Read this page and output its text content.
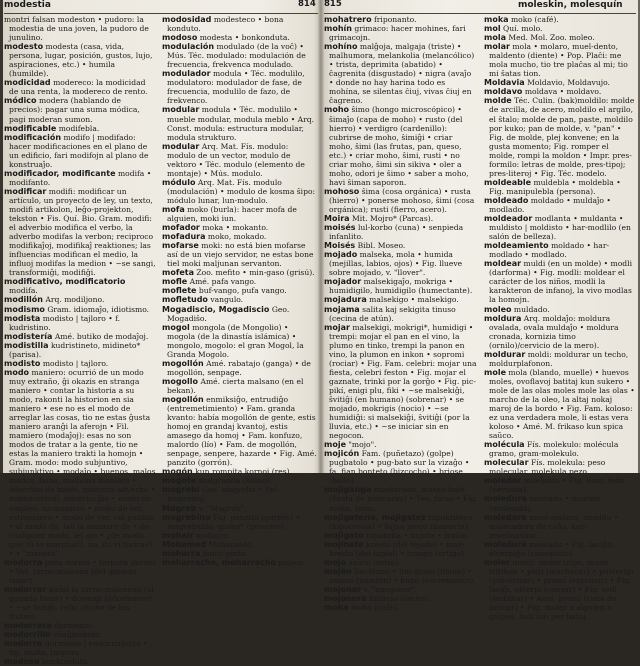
modestia	814

montri falsan modeston • pudoro: la modestia de una joven, la pudoro de junulino.

modesto modesta (casa, vida, persona, lugar, posición, gustos, lujo, aspiraciones, etc.) • humila (humilde).

modicidad modereco: la modicidad de una renta, la modereco de rento.

módico modera (hablando de precios): pagar una suma módica, pagi moderan sumon.

modificable modifebla.

modificación modifo | modifado: hacer modificaciones en el plano de un edificio, fari modifojn al plano de konstruaĵo.

modificador, modificante modifa • modifanto.

modificar modifi: modificar un artículo, un proyecto de ley, un texto, modifi artikolon, leĝo-projekton, tekston • Fis. Quí. Bio. Gram. modifi: el adverbio modifica el verbo, la adverbo modifas la verbon; reciproco modifikaĵoj, modifikaĵ reaktiones; las influencias modifican el medio, la influoj modifas la medion • ~se sangi, transformiĝi, modifiĝi.

modificativo, modificatorio modifa.

modillón Arq. modiljono.

modismo Gram. idiomaĵo, idiotismo.

modista modisto | tajloro • f. kudristino.

modistería Amé. butiko de modaĵoj.

modistilla kudristineto, midineto* (parisa).

modisto modisto | tajloro.

modo maniero: ocurrió de un modo muy extraño, ĝi okazis en stranga maniero • contar la historia a su modo, rakonti la historion en sia maniero • ese no es el modo de arreglar las cosas, tio ne estas ĝusta maniero aranĝi la aferojn • Fil. mamiero (modaĵoj): esas no son modos de tratar a la gente, tio ne estas la maniero trakti la homojn • Gram. modo: modo subjuntivo, subjunktivo • modaĵo • buenos, malos modos, bona, malbona maniero • adverbio de modo, maniera adverbo • maladverbial, adverbo ĝis • modo de empleo, uz-maniero • modo de ser, estmaniero • modo de ver, vid-punkto • al modo de, laŭ la maniero de • de cualquier modo, iel ajn • ¿de modo que tú te marchas?, nu, ĉu vi foriras? • • "manera".

modorra peza dormo • torpora dormo • Vet. turno-malsano (del ganado lanar).

modorrar kaŭzi la turno-malsanon (al ganado lanar) • dormigi (adormecer) • ~se fadiĝi, velki (dicho de las frutas).

modorrera dormemo.

modorrillo vilaĝbiskoto.

modorro dormema | endormiĝinta • fig. stulta, torpora.

modoso bonkonduta.

modosidad modesteco • bona konduto.

modoso modesta • bonkonduta.

modulación modulado (de la voĉ) • Mús. Téc. modulado: modulación de frecuencia, frekvenca modulado.

modulador modula • Téc. modulilo, modulatoro: modulador de fase, de frecuencia, modulilo de fazo, de frekvenco.

modular modula • Téc. modulilo • mueble modular, modula meblo • Arq. Const. modula: estructura modular, modula strukturo.

modular Arq. Mat. Fís. modulo: modulo de un vector, modulo de vektoro • Téc. modulo (elemento de montaje) • Mús. modulo.

módulo Arq. Mat. Fís. modulo (modulación) • modulo de kosma ŝipo: módulo lunar, lun-modulo.

mofa moko (burla): hacer mofa de alguien, moki iun.

mofador moka • mokanto.

mofadura moko, mokado.

mofarse moki: no está bien mofarse así de un viejo servidor, ne estas bone tiel moki maljunan servanton.

mofeta Zoo. mefito • min-gaso (grisú).

mofle Amé. pafa vango.

moflete buf-vango, pufa vango.

mofletudo vangulo.

Mogadiscio, Mogadiscio Geo. Mogadiŝo.

mogol mongola (de Mongolio) • mogola (de la dinastía islámica) • mongolo, mogolo: el gran Mogol, la Granda Mogolo.

mogollón Amé. rabatajo (ganga) • de mogollón, senpage.

mogollo Amé. cierta malsano (en el bekan).

mogollón enmiksiĝo, entrudiĝo (entremetimiento) • Fam. granda kvanto: había mogollón de gente, estis homoj en grandaj kvantoj, estis amasego da homoj • Fam. konfuzo, malordo (lío) • Fam. de mogollón, senpage, senpere, hazarde • Fig. Amé. panzito (gorrón).

mogón kun rompita kornoj (res).

mogote malgranda (kolno).

mogrebí Geo. magreba • Pol. mogreboj.

Mogreb v. "Magreb".

mogrebino Fig. panzito (gorrón) • magrebanlo, groba* (grossier).

mohair mohajro.

Mohamed Mohamedo.

moharra lanco-pinto.

moharrache, moharracho pajaco.

815	moleskin, molesquín

mohatrero friponanto.

mohín grimaco: hacer mohines, fari grimacojn.

mohíno malĝoja, malgaja (triste) • malhumora, melankolia (melancólico) • trista, deprimita (abatido) • ĉagrenita (disgustado) • nigra (avaĵo • donde no hay harina todo es mohína, se silentas ĉiuj, vivas ĉiuj en ĉagreno.

moho ŝimo (hongo microscópico) • ŝimaĵo (capa de moho) • rusto (del hierro) • verdigro (cardenillo): cubrirse de moho, ŝimiĝi • criar moho, ŝimi (las frutas, pan, queso, etc.) • criar moho, ŝimi, rusti • no criar moho, ŝimi sin sikiva • oler a moho, odori je ŝimo • saber a moho, havi ŝiman saporon.

mohoso ŝima (cosa orgánica) • rusta (hierro) • ponerse mohoso, ŝimi (cosa orgánica); rusti (fierro, acero).

Moira Mit. Mojro* (Parcas).

moisés lul-korbo (cuna) • senpieda infanlito.

Moisés Bibl. Moseo.

mojado malseka, mola • humida (mejillas, labios, ojos) • Fig. llueve sobre mojado, v. "llover".

mojador malsekigaĵo, mokriga • humidigilo, humidigilo (humectante).

mojadura malsekigo • malsekigo.

mojama salita kaj sekigita tinuso (cecina de atún).

mojar malsekigi, mokrigi*, humidigi • trempi: mojar el pan en el vino, la plumo en tinko, trempi la panon en vino, la plumon en inkon • sopromi (rociar) • Fig. Fam. celebri: mojar una fiesta, celebri feston • Fig. mojar el gaznate, trinki por la gorĝo • Fig. pic-pikí, enigi plu, fiki • ~se malsekiĝi, ŝvitiĝi (en humano) (sobrenar) • se mojado, mokrigis (nocio) • ~se humidiĝi: si malsekiĝi, ŝvitiĝi (por la lluvia, etc.) • ~se iniciar sin en negocon.

moje "mojo".

mojicón Fam. (puñetazo) (golpe) pugbatolo • pug-bato sur la vizaĝo • fa, fian bonteto (bizcocho) • briose (bollo).

mojiganga maskerado, masko-balo (fiesta de máscaras) • Tea. farso • Fig. moko, farso.

mojigatería, mojigatez hipokriteco (hipocresía) • ŝajna pieco (beatería).

mojigato hipokrita • bigota • fraŭlo.

mojinete kresto (del tejado) • mur-kresto (del tapial) • trungo (ortigo).

mojo saŭco (salsa).

mojón lim-ŝtono • lim-ŝtono (limite) • amaso (montón) • kupo (excremento).

mojonar v. "amojonar".

mojonera limlinio (límite).

moka moko (café).

moka moko (café).

mol Quí. molo.

mola Med. Mol. Zoo. moleo.

molar mola • molaro, muel-dento, maldento (diente) • Pop. Plaĉi: me mola mucho, tio tre plaĉas al mi; tio mi ŝatas tion.

Moldavia Moldavio, Moldavujo.

moldavo moldava • moldavo.

molde Téc. Culin. (bak)moldilo: molde de arcilla, de acero, moldilo el argilo, el ŝtalo; molde de pan, paste, moldilo por kuko; pan de molde, v. "pan" • Fig. de molde, plej konvene; en la gusta momento; Fig. romper el molde, rompi la moldon • Impr. pres-formilo: letras de molde, pres-tipoj; pres-literoj • Fig. Téc. modelo.

moldeable muldebla • moldebla • Fig. manipulebla (persona).

moldeado moldado • muldaĵo • modlado.

moldeador modlanta • muldanta • muldisto | moldisto • har-modlilo (en salón de belleza).

moldeamiento moldado • har-modlado • modlado.

moldear muldi (en un molde) • modli (darforma) • Fig. modli: moldear el carácter de los niños, modli la karakteron de infanoj, la vivo modlas la homojn.

moleo muldado.

moldura Arq. moldaĵo: moldura ovalada, ovala muldaĵo • moldura cronada, kornizia timo (ornilo)/cervicio de la mero).

moldurar moldi: moldurar un techo, moldurplafonon.

mole mola (blando, muelle) • huevos moles, ovoflavoj batitaj kun sukero • mole de las olas moles mole las olas • marcho de la oleo, la altaj nokaj maroj de la bordo • Fig. Fam. koloso: ez una verdadera mole, li estas vera koloso • Amé. M. frikaso kun spica saŭco.

molécula Fís. molekulo: molécula gramo, gram-molekulo.

molecular Fís. molekula: peso molecular, molekula pezo.

moledor muelanta • Fig. Fam. teda (persona).

moledura muelado • mueldo (molienda).

moledora muel-maŝino, muelilo • molecadora de caña, kan-muelmaŝino.

moledura muelado • Fig. laciĝo, elĉerpiĝo (cansancio).

moler mueli: moler trigo, mueli tritikon • pisti (machacar) • pulverigi (pulverizar) • premi (exprimir) • Fig. laciĝi, elĉerpi (cansar) • Fig. tedi (fastidiar) • Amé. premi (caña de azúcar) • Fig. moler a alguien a golpes, bati iun per batoj.
